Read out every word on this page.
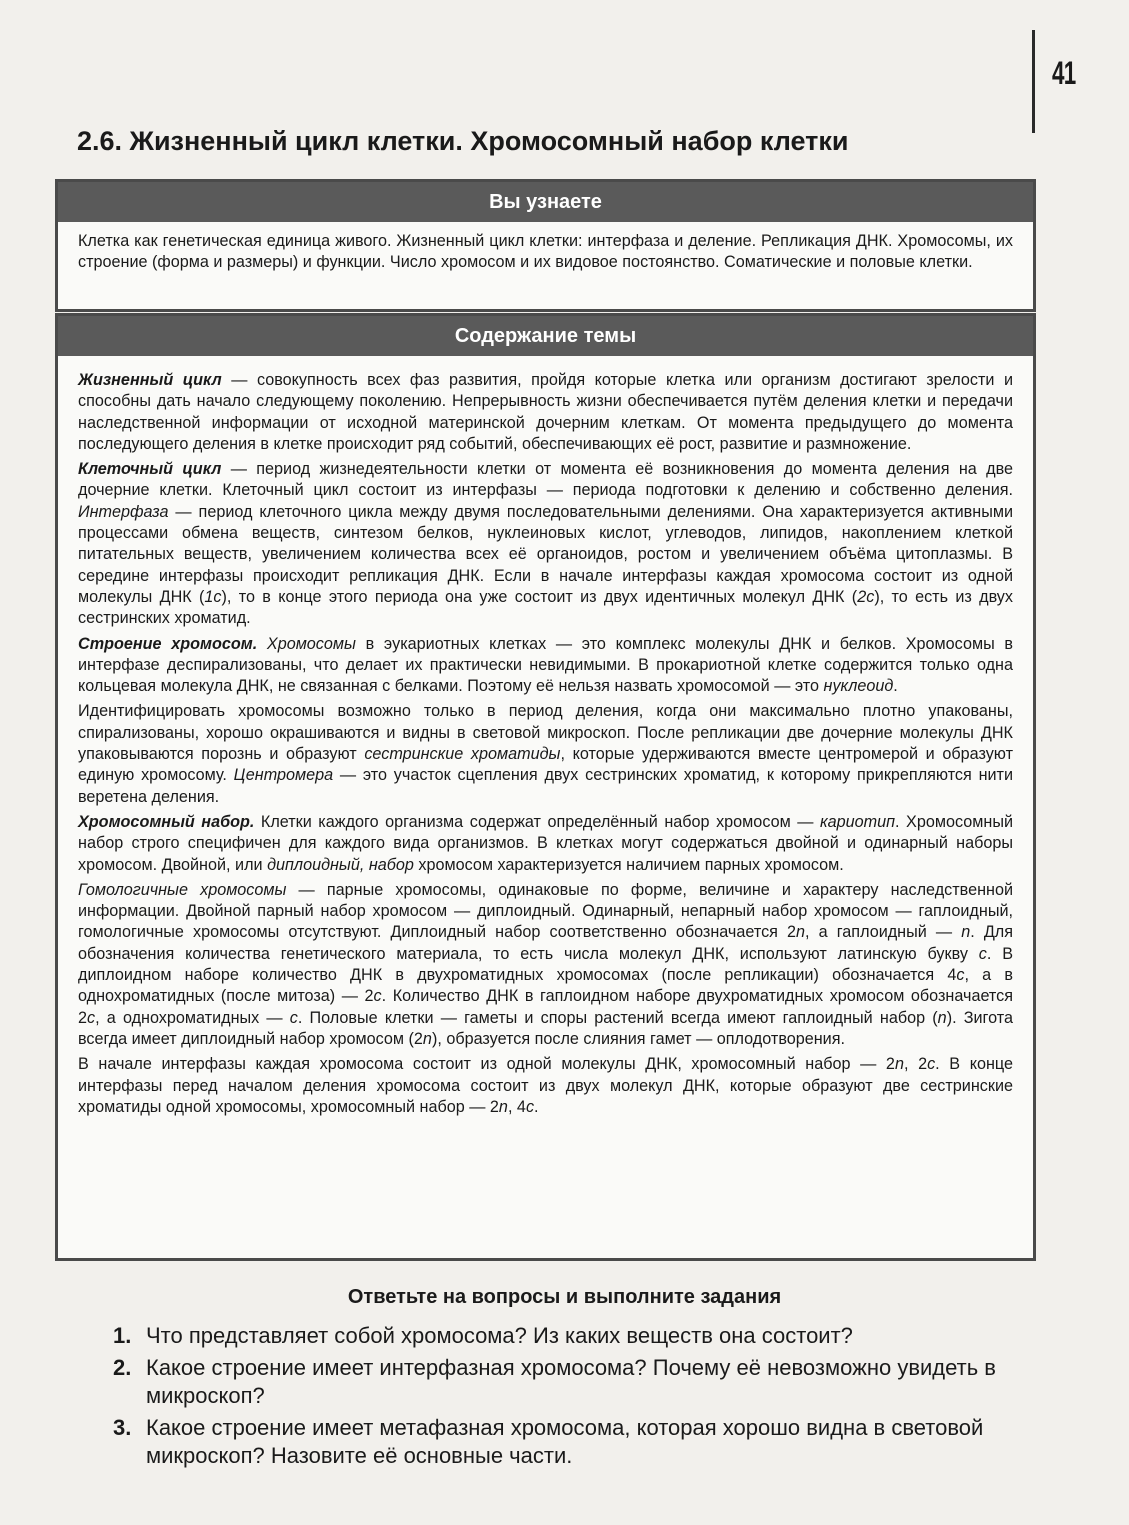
41
2.6. Жизненный цикл клетки. Хромосомный набор клетки
Вы узнаете

Клетка как генетическая единица живого. Жизненный цикл клетки: интерфаза и деление. Репликация ДНК. Хромосомы, их строение (форма и размеры) и функции. Число хромосом и их видовое постоянство. Соматические и половые клетки.

Содержание темы

Жизненный цикл — совокупность всех фаз развития, пройдя которые клетка или организм достигают зрелости и способны дать начало следующему поколению. Непрерывность жизни обеспечивается путём деления клетки и передачи наследственной информации от исходной материнской дочерним клеткам. От момента предыдущего до момента последующего деления в клетке происходит ряд событий, обеспечивающих её рост, развитие и размножение.

Клеточный цикл — период жизнедеятельности клетки от момента её возникновения до момента деления на две дочерние клетки. Клеточный цикл состоит из интерфазы — периода подготовки к делению и собственно деления. Интерфаза — период клеточного цикла между двумя последовательными делениями. Она характеризуется активными процессами обмена веществ, синтезом белков, нуклеиновых кислот, углеводов, липидов, накоплением клеткой питательных веществ, увеличением количества всех её органоидов, ростом и увеличением объёма цитоплазмы. В середине интерфазы происходит репликация ДНК. Если в начале интерфазы каждая хромосома состоит из одной молекулы ДНК (1c), то в конце этого периода она уже состоит из двух идентичных молекул ДНК (2c), то есть из двух сестринских хроматид.

Строение хромосом. Хромосомы в эукариотных клетках — это комплекс молекулы ДНК и белков. Хромосомы в интерфазе деспирализованы, что делает их практически невидимыми. В прокариотной клетке содержится только одна кольцевая молекула ДНК, не связанная с белками. Поэтому её нельзя назвать хромосомой — это нуклеоид.

Идентифицировать хромосомы возможно только в период деления, когда они максимально плотно упакованы, спирализованы, хорошо окрашиваются и видны в световой микроскоп. После репликации две дочерние молекулы ДНК упаковываются порознь и образуют сестринские хроматиды, которые удерживаются вместе центромерой и образуют единую хромосому. Центромера — это участок сцепления двух сестринских хроматид, к которому прикрепляются нити веретена деления.

Хромосомный набор. Клетки каждого организма содержат определённый набор хромосом — кариотип. Хромосомный набор строго специфичен для каждого вида организмов. В клетках могут содержаться двойной и одинарный наборы хромосом. Двойной, или диплоидный, набор хромосом характеризуется наличием парных хромосом.

Гомологичные хромосомы — парные хромосомы, одинаковые по форме, величине и характеру наследственной информации. Двойной парный набор хромосом — диплоидный. Одинарный, непарный набор хромосом — гаплоидный, гомологичные хромосомы отсутствуют. Диплоидный набор соответственно обозначается 2n, а гаплоидный — n. Для обозначения количества генетического материала, то есть числа молекул ДНК, используют латинскую букву c. В диплоидном наборе количество ДНК в двухроматидных хромосомах (после репликации) обозначается 4c, а в однохроматидных (после митоза) — 2c. Количество ДНК в гаплоидном наборе двухроматидных хромосом обозначается 2c, а однохроматидных — c. Половые клетки — гаметы и споры растений всегда имеют гаплоидный набор (n). Зигота всегда имеет диплоидный набор хромосом (2n), образуется после слияния гамет — оплодотворения.

В начале интерфазы каждая хромосома состоит из одной молекулы ДНК, хромосомный набор — 2n, 2c. В конце интерфазы перед началом деления хромосома состоит из двух молекул ДНК, которые образуют две сестринские хроматиды одной хромосомы, хромосомный набор — 2n, 4c.

Ответьте на вопросы и выполните задания
1. Что представляет собой хромосома? Из каких веществ она состоит?
2. Какое строение имеет интерфазная хромосома? Почему её невозможно увидеть в микроскоп?
3. Какое строение имеет метафазная хромосома, которая хорошо видна в световой микроскоп? Назовите её основные части.
